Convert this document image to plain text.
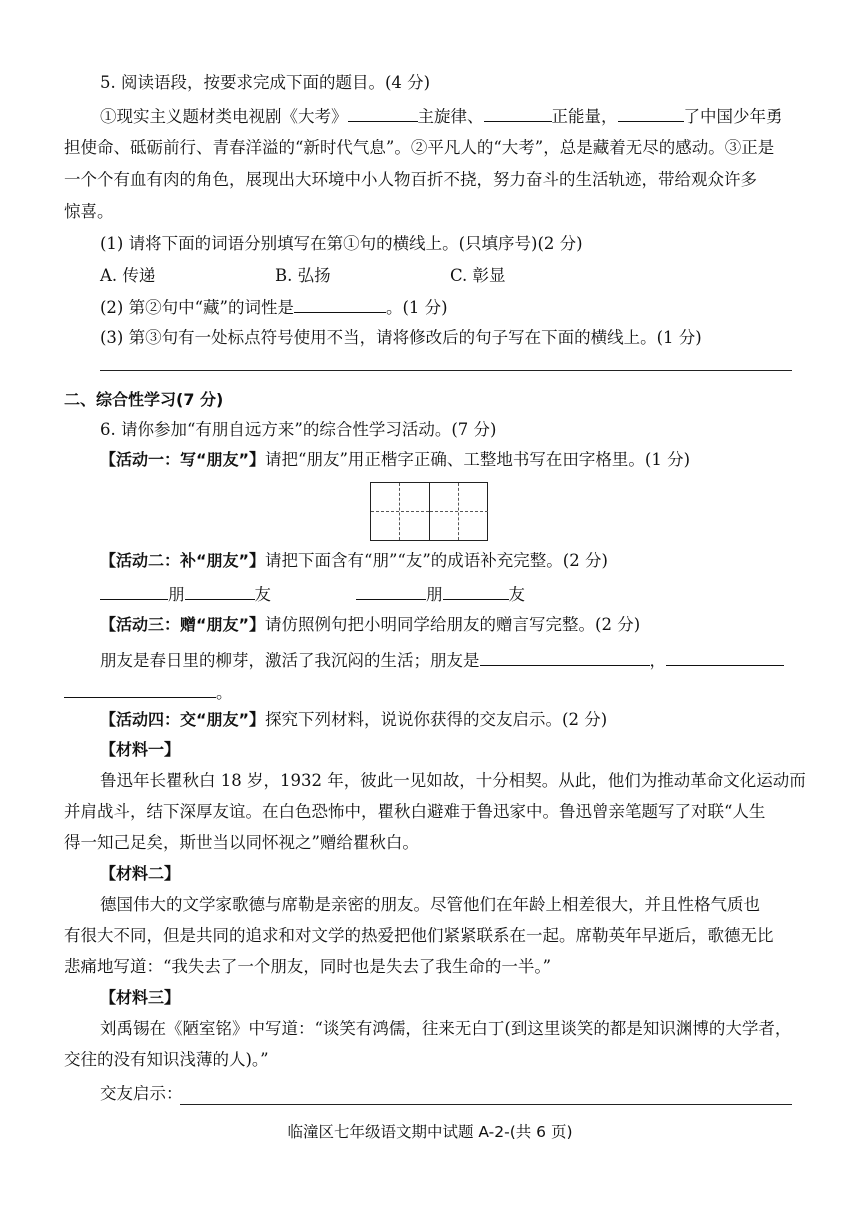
5. 阅读语段，按要求完成下面的题目。(4 分)
①现实主义题材类电视剧《大考》	主旋律、	正能量，	了中国少年勇
担使命、砥砺前行、青春洋溢的“新时代气息”。②平凡人的“大考”，总是藏着无尽的感动。③正是
一个个有血有肉的角色，展现出大环境中小人物百折不挠，努力奋斗的生活轨迹，带给观众许多
惊喜。
(1) 请将下面的词语分别填写在第①句的横线上。(只填序号)(2 分)
A. 传递	B. 弘扬	C. 彰显
(2) 第②句中“藏”的词性是	。(1 分)
(3) 第③句有一处标点符号使用不当，请将修改后的句子写在下面的横线上。(1 分)
二、综合性学习(7 分)
6. 请你参加“有朋自远方来”的综合性学习活动。(7 分)
【活动一：写“朋友”】请把“朋友”用正楷字正确、工整地书写在田字格里。(1 分)
【活动二：补“朋友”】请把下面含有“朋”“友”的成语补充完整。(2 分)
朋	友	朋	友
【活动三：赠“朋友”】请仿照例句把小明同学给朋友的赠言写完整。(2 分)
朋友是春日里的柳芽，激活了我沉闷的生活；朋友是	，
。
【活动四：交“朋友”】探究下列材料，说说你获得的交友启示。(2 分)
【材料一】
鲁迅年长瞿秋白 18 岁，1932 年，彼此一见如故，十分相契。从此，他们为推动革命文化运动而
并肩战斗，结下深厚友谊。在白色恐怖中，瞿秋白避难于鲁迅家中。鲁迅曾亲笔题写了对联“人生
得一知己足矣，斯世当以同怀视之”赠给瞿秋白。
【材料二】
德国伟大的文学家歌德与席勒是亲密的朋友。尽管他们在年龄上相差很大，并且性格气质也
有很大不同，但是共同的追求和对文学的热爱把他们紧紧联系在一起。席勒英年早逝后，歌德无比
悲痛地写道：“我失去了一个朋友，同时也是失去了我生命的一半。”
【材料三】
刘禹锡在《陋室铭》中写道：“谈笑有鸿儒，往来无白丁(到这里谈笑的都是知识渊博的大学者，
交往的没有知识浅薄的人)。”
交友启示：
临潼区七年级语文期中试题 A-2-(共 6 页)
